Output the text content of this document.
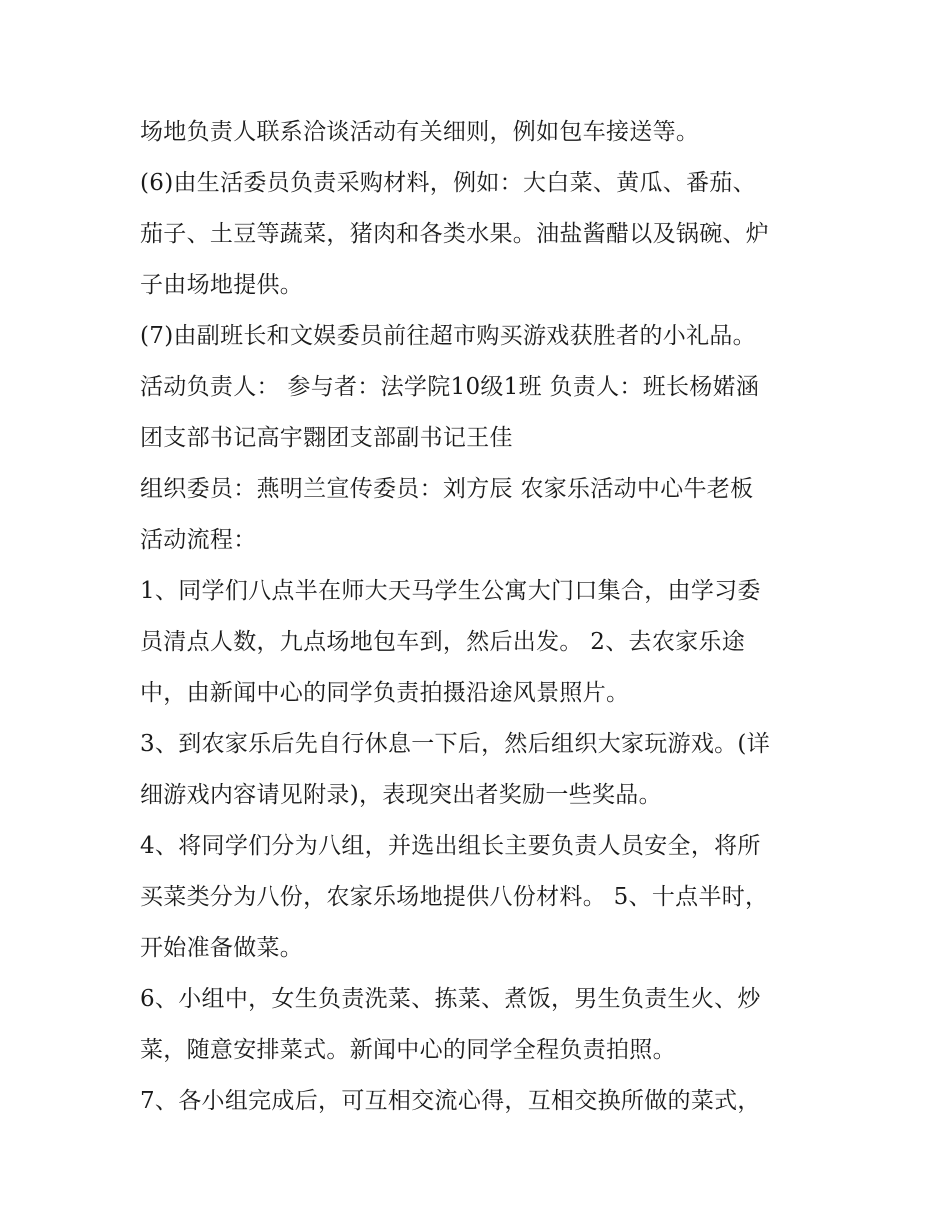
场地负责人联系洽谈活动有关细则，例如包车接送等。
(6)由生活委员负责采购材料，例如：大白菜、黄瓜、番茄、
茄子、土豆等蔬菜，猪肉和各类水果。油盐酱醋以及锅碗、炉
子由场地提供。
(7)由副班长和文娱委员前往超市购买游戏获胜者的小礼品。
活动负责人： 参与者：法学院10级1班 负责人：班长杨婼涵
团支部书记高宇翾团支部副书记王佳
组织委员：燕明兰宣传委员：刘方辰 农家乐活动中心牛老板
活动流程：
1、同学们八点半在师大天马学生公寓大门口集合，由学习委
员清点人数，九点场地包车到，然后出发。 2、去农家乐途
中，由新闻中心的同学负责拍摄沿途风景照片。
3、到农家乐后先自行休息一下后，然后组织大家玩游戏。(详
细游戏内容请见附录)，表现突出者奖励一些奖品。
4、将同学们分为八组，并选出组长主要负责人员安全，将所
买菜类分为八份，农家乐场地提供八份材料。 5、十点半时，
开始准备做菜。
6、小组中，女生负责洗菜、拣菜、煮饭，男生负责生火、炒
菜，随意安排菜式。新闻中心的同学全程负责拍照。
7、各小组完成后，可互相交流心得，互相交换所做的菜式，
